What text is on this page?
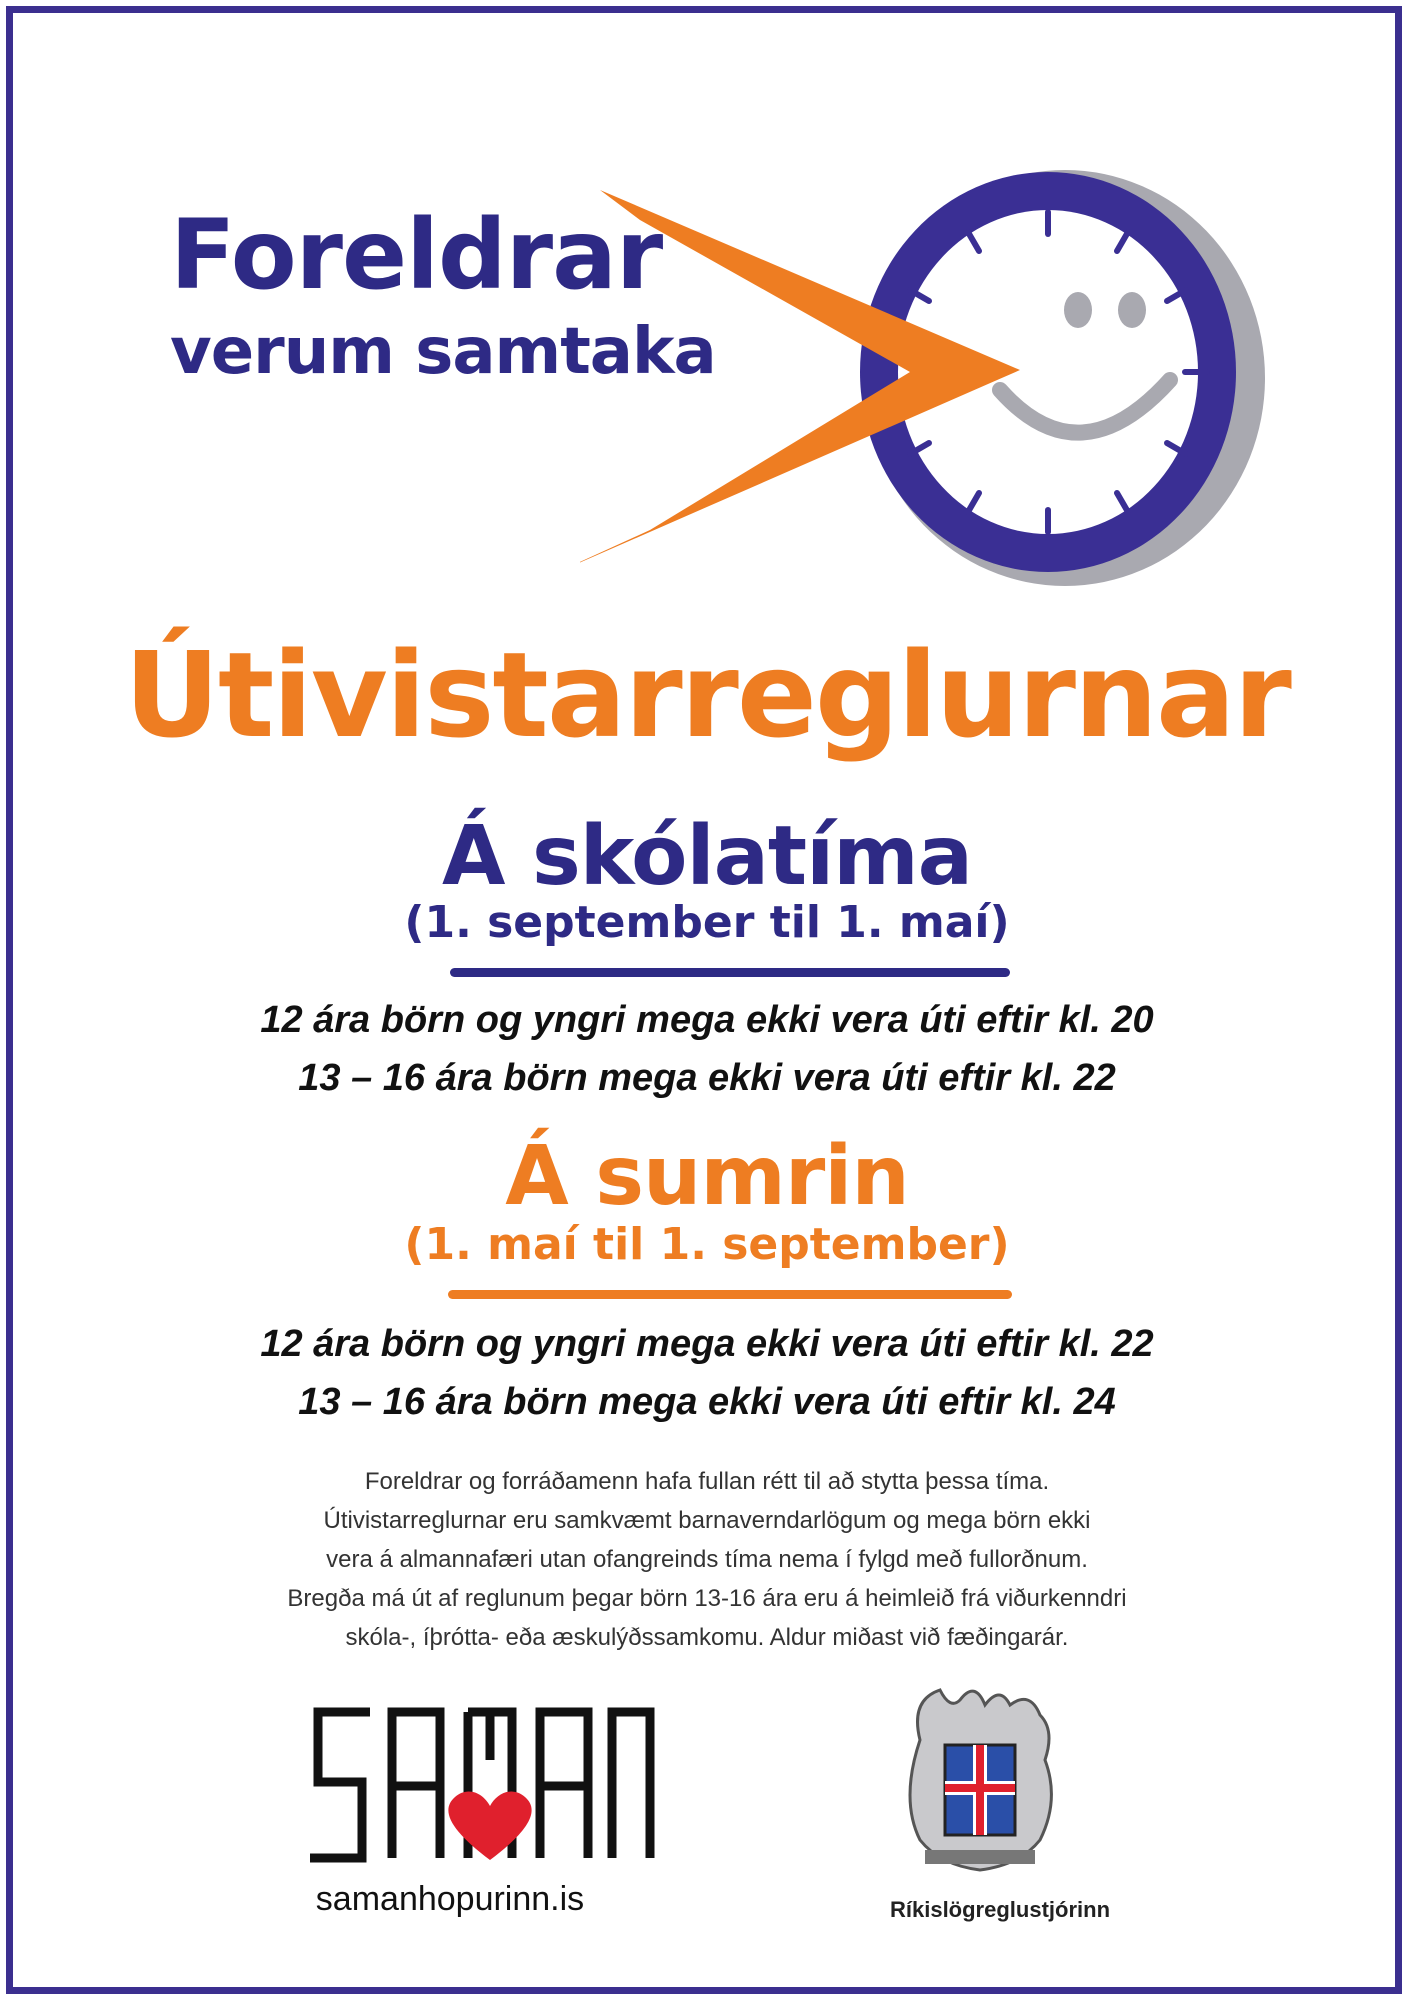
Foreldrar
verum samtaka
Útivistarreglurnar
Á skólatíma
(1. september til 1. maí)
12 ára börn og yngri mega ekki vera úti eftir kl. 20
13 – 16 ára börn mega ekki vera úti eftir kl. 22
Á sumrin
(1. maí til 1. september)
12 ára börn og yngri mega ekki vera úti eftir kl. 22
13 – 16 ára börn mega ekki vera úti eftir kl. 24
Foreldrar og forráðamenn hafa fullan rétt til að stytta þessa tíma.
Útivistarreglurnar eru samkvæmt barnaverndarlögum og mega börn ekki
vera á almannafæri utan ofangreinds tíma nema í fylgd með fullorðnum.
Bregða má út af reglunum þegar börn 13-16 ára eru á heimleið frá viðurkenndri
skóla-, íþrótta- eða æskulýðssamkomu. Aldur miðast við fæðingarár.
samanhopurinn.is	Ríkislögreglustjórinn
